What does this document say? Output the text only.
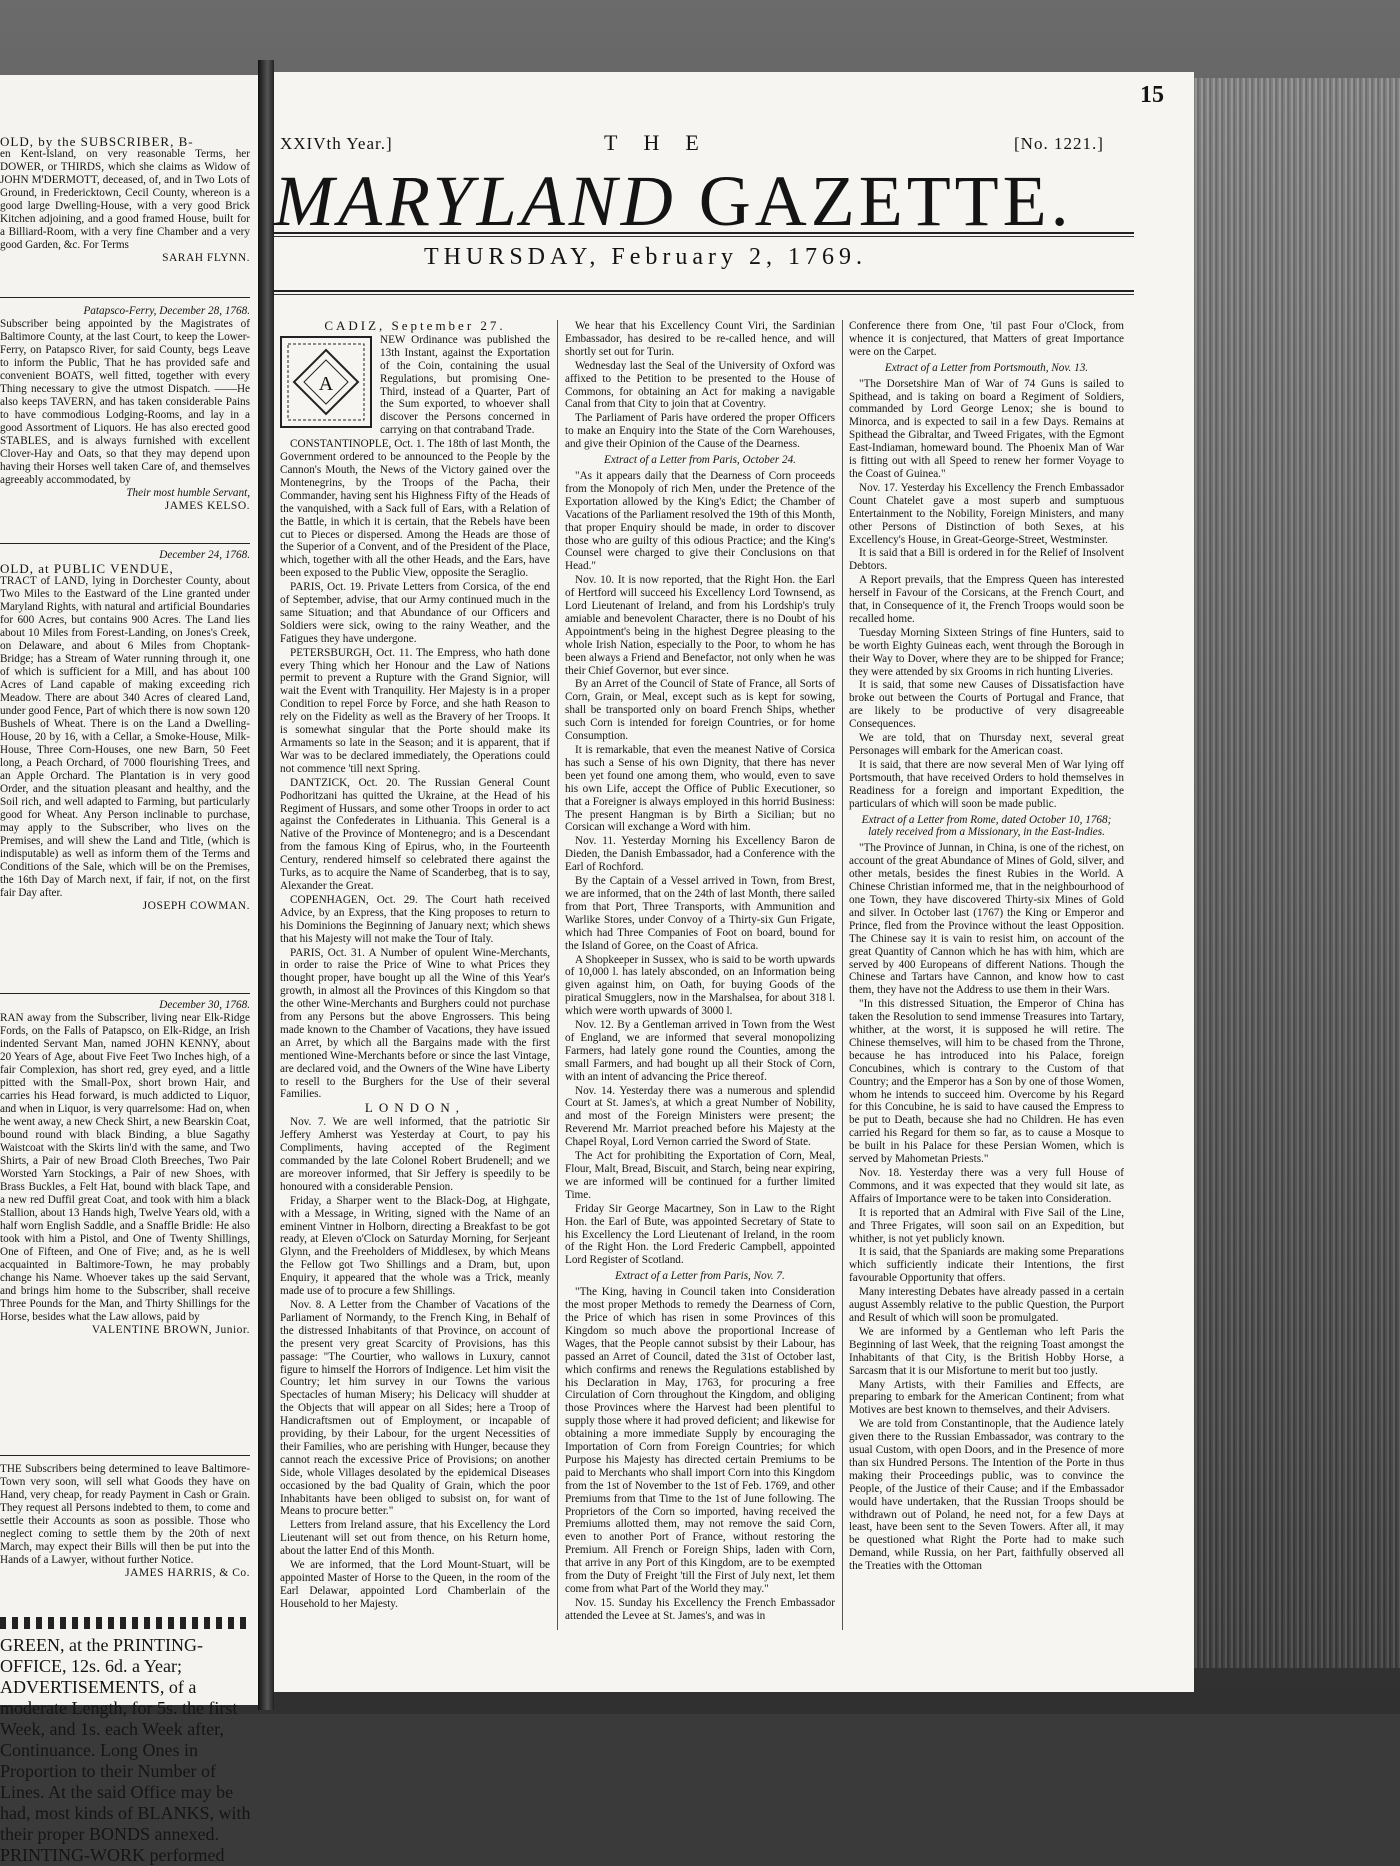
OLD, by the SUBSCRIBER, B-

en Kent-Island, on very reasonable Terms, her DOWER, or THIRDS, which she claims as Widow of JOHN M'DERMOTT, deceased, of, and in Two Lots of Ground, in Fredericktown, Cecil County, whereon is a good large Dwelling-House, with a very good Brick Kitchen adjoining, and a good framed House, built for a Billiard-Room, with a very fine Chamber and a very good Garden, &c. For Terms

SARAH FLYNN.

Patapsco-Ferry, December 28, 1768.

Subscriber being appointed by the Magistrates of Baltimore County, at the last Court, to keep the Lower-Ferry, on Patapsco River, for said County, begs Leave to inform the Public, That he has provided safe and convenient BOATS, well fitted, together with every Thing necessary to give the utmost Dispatch. ——He also keeps TAVERN, and has taken considerable Pains to have commodious Lodging-Rooms, and lay in a good Assortment of Liquors. He has also erected good STABLES, and is always furnished with excellent Clover-Hay and Oats, so that they may depend upon having their Horses well taken Care of, and themselves agreeably accommodated, by

Their most humble Servant,

JAMES KELSO.

December 24, 1768.

OLD, at PUBLIC VENDUE,

TRACT of LAND, lying in Dorchester County, about Two Miles to the Eastward of the Line granted under Maryland Rights, with natural and artificial Boundaries for 600 Acres, but contains 900 Acres. The Land lies about 10 Miles from Forest-Landing, on Jones's Creek, on Delaware, and about 6 Miles from Choptank-Bridge; has a Stream of Water running through it, one of which is sufficient for a Mill, and has about 100 Acres of Land capable of making exceeding rich Meadow. There are about 340 Acres of cleared Land, under good Fence, Part of which there is now sown 120 Bushels of Wheat. There is on the Land a Dwelling-House, 20 by 16, with a Cellar, a Smoke-House, Milk-House, Three Corn-Houses, one new Barn, 50 Feet long, a Peach Orchard, of 7000 flourishing Trees, and an Apple Orchard. The Plantation is in very good Order, and the situation pleasant and healthy, and the Soil rich, and well adapted to Farming, but particularly good for Wheat. Any Person inclinable to purchase, may apply to the Subscriber, who lives on the Premises, and will shew the Land and Title, (which is indisputable) as well as inform them of the Terms and Conditions of the Sale, which will be on the Premises, the 16th Day of March next, if fair, if not, on the first fair Day after.

JOSEPH COWMAN.

December 30, 1768.

RAN away from the Subscriber, living near Elk-Ridge Fords, on the Falls of Patapsco, on Elk-Ridge, an Irish indented Servant Man, named JOHN KENNY, about 20 Years of Age, about Five Feet Two Inches high, of a fair Complexion, has short red, grey eyed, and a little pitted with the Small-Pox, short brown Hair, and carries his Head forward, is much addicted to Liquor, and when in Liquor, is very quarrelsome: Had on, when he went away, a new Check Shirt, a new Bearskin Coat, bound round with black Binding, a blue Sagathy Waistcoat with the Skirts lin'd with the same, and Two Shirts, a Pair of new Broad Cloth Breeches, Two Pair Worsted Yarn Stockings, a Pair of new Shoes, with Brass Buckles, a Felt Hat, bound with black Tape, and a new red Duffil great Coat, and took with him a black Stallion, about 13 Hands high, Twelve Years old, with a half worn English Saddle, and a Snaffle Bridle: He also took with him a Pistol, and One of Twenty Shillings, One of Fifteen, and One of Five; and, as he is well acquainted in Baltimore-Town, he may probably change his Name. Whoever takes up the said Servant, and brings him home to the Subscriber, shall receive Three Pounds for the Man, and Thirty Shillings for the Horse, besides what the Law allows, paid by

VALENTINE BROWN, Junior.

THE Subscribers being determined to leave Baltimore-Town very soon, will sell what Goods they have on Hand, very cheap, for ready Payment in Cash or Grain. They request all Persons indebted to them, to come and settle their Accounts as soon as possible. Those who neglect coming to settle them by the 20th of next March, may expect their Bills will then be put into the Hands of a Lawyer, without further Notice.

JAMES HARRIS, & Co.

GREEN, at the PRINTING-OFFICE, 12s. 6d. a Year; ADVERTISEMENTS, of a moderate Length, for 5s. the first Week, and 1s. each Week after, Continuance. Long Ones in Proportion to their Number of Lines. At the said Office may be had, most kinds of BLANKS, with their proper BONDS annexed. PRINTING-WORK performed
XXIVth Year.]	THE	[No. 1221.]
MARYLAND GAZETTE.
THURSDAY, February 2, 1769.

CADIZ, September 27.

A

NEW Ordinance was published the 13th Instant, against the Exportation of the Coin, containing the usual Regulations, but promising One-Third, instead of a Quarter, Part of the Sum exported, to whoever shall discover the Persons concerned in carrying on that contraband Trade.

CONSTANTINOPLE, Oct. 1. The 18th of last Month, the Government ordered to be announced to the People by the Cannon's Mouth, the News of the Victory gained over the Montenegrins, by the Troops of the Pacha, their Commander, having sent his Highness Fifty of the Heads of the vanquished, with a Sack full of Ears, with a Relation of the Battle, in which it is certain, that the Rebels have been cut to Pieces or dispersed. Among the Heads are those of the Superior of a Convent, and of the President of the Place, which, together with all the other Heads, and the Ears, have been exposed to the Public View, opposite the Seraglio.

PARIS, Oct. 19. Private Letters from Corsica, of the end of September, advise, that our Army continued much in the same Situation; and that Abundance of our Officers and Soldiers were sick, owing to the rainy Weather, and the Fatigues they have undergone.

PETERSBURGH, Oct. 11. The Empress, who hath done every Thing which her Honour and the Law of Nations permit to prevent a Rupture with the Grand Signior, will wait the Event with Tranquility. Her Majesty is in a proper Condition to repel Force by Force, and she hath Reason to rely on the Fidelity as well as the Bravery of her Troops. It is somewhat singular that the Porte should make its Armaments so late in the Season; and it is apparent, that if War was to be declared immediately, the Operations could not commence 'till next Spring.

DANTZICK, Oct. 20. The Russian General Count Podhoritzani has quitted the Ukraine, at the Head of his Regiment of Hussars, and some other Troops in order to act against the Confederates in Lithuania. This General is a Native of the Province of Montenegro; and is a Descendant from the famous King of Epirus, who, in the Fourteenth Century, rendered himself so celebrated there against the Turks, as to acquire the Name of Scanderbeg, that is to say, Alexander the Great.

COPENHAGEN, Oct. 29. The Court hath received Advice, by an Express, that the King proposes to return to his Dominions the Beginning of January next; which shews that his Majesty will not make the Tour of Italy.

PARIS, Oct. 31. A Number of opulent Wine-Merchants, in order to raise the Price of Wine to what Prices they thought proper, have bought up all the Wine of this Year's growth, in almost all the Provinces of this Kingdom so that the other Wine-Merchants and Burghers could not purchase from any Persons but the above Engrossers. This being made known to the Chamber of Vacations, they have issued an Arret, by which all the Bargains made with the first mentioned Wine-Merchants before or since the last Vintage, are declared void, and the Owners of the Wine have Liberty to resell to the Burghers for the Use of their several Families.

LONDON,

Nov. 7. We are well informed, that the patriotic Sir Jeffery Amherst was Yesterday at Court, to pay his Compliments, having accepted of the Regiment commanded by the late Colonel Robert Brudenell; and we are moreover informed, that Sir Jeffery is speedily to be honoured with a considerable Pension.

Friday, a Sharper went to the Black-Dog, at Highgate, with a Message, in Writing, signed with the Name of an eminent Vintner in Holborn, directing a Breakfast to be got ready, at Eleven o'Clock on Saturday Morning, for Serjeant Glynn, and the Freeholders of Middlesex, by which Means the Fellow got Two Shillings and a Dram, but, upon Enquiry, it appeared that the whole was a Trick, meanly made use of to procure a few Shillings.

Nov. 8. A Letter from the Chamber of Vacations of the Parliament of Normandy, to the French King, in Behalf of the distressed Inhabitants of that Province, on account of the present very great Scarcity of Provisions, has this passage: "The Courtier, who wallows in Luxury, cannot figure to himself the Horrors of Indigence. Let him visit the Country; let him survey in our Towns the various Spectacles of human Misery; his Delicacy will shudder at the Objects that will appear on all Sides; here a Troop of Handicraftsmen out of Employment, or incapable of providing, by their Labour, for the urgent Necessities of their Families, who are perishing with Hunger, because they cannot reach the excessive Price of Provisions; on another Side, whole Villages desolated by the epidemical Diseases occasioned by the bad Quality of Grain, which the poor Inhabitants have been obliged to subsist on, for want of Means to procure better."

Letters from Ireland assure, that his Excellency the Lord Lieutenant will set out from thence, on his Return home, about the latter End of this Month.

We are informed, that the Lord Mount-Stuart, will be appointed Master of Horse to the Queen, in the room of the Earl Delawar, appointed Lord Chamberlain of the Household to her Majesty.

We hear that his Excellency Count Viri, the Sardinian Embassador, has desired to be re-called hence, and will shortly set out for Turin.

Wednesday last the Seal of the University of Oxford was affixed to the Petition to be presented to the House of Commons, for obtaining an Act for making a navigable Canal from that City to join that at Coventry.

The Parliament of Paris have ordered the proper Officers to make an Enquiry into the State of the Corn Warehouses, and give their Opinion of the Cause of the Dearness.

Extract of a Letter from Paris, October 24.

"As it appears daily that the Dearness of Corn proceeds from the Monopoly of rich Men, under the Pretence of the Exportation allowed by the King's Edict; the Chamber of Vacations of the Parliament resolved the 19th of this Month, that proper Enquiry should be made, in order to discover those who are guilty of this odious Practice; and the King's Counsel were charged to give their Conclusions on that Head."

Nov. 10. It is now reported, that the Right Hon. the Earl of Hertford will succeed his Excellency Lord Townsend, as Lord Lieutenant of Ireland, and from his Lordship's truly amiable and benevolent Character, there is no Doubt of his Appointment's being in the highest Degree pleasing to the whole Irish Nation, especially to the Poor, to whom he has been always a Friend and Benefactor, not only when he was their Chief Governor, but ever since.

By an Arret of the Council of State of France, all Sorts of Corn, Grain, or Meal, except such as is kept for sowing, shall be transported only on board French Ships, whether such Corn is intended for foreign Countries, or for home Consumption.

It is remarkable, that even the meanest Native of Corsica has such a Sense of his own Dignity, that there has never been yet found one among them, who would, even to save his own Life, accept the Office of Public Executioner, so that a Foreigner is always employed in this horrid Business: The present Hangman is by Birth a Sicilian; but no Corsican will exchange a Word with him.

Nov. 11. Yesterday Morning his Excellency Baron de Dieden, the Danish Embassador, had a Conference with the Earl of Rochford.

By the Captain of a Vessel arrived in Town, from Brest, we are informed, that on the 24th of last Month, there sailed from that Port, Three Transports, with Ammunition and Warlike Stores, under Convoy of a Thirty-six Gun Frigate, which had Three Companies of Foot on board, bound for the Island of Goree, on the Coast of Africa.

A Shopkeeper in Sussex, who is said to be worth upwards of 10,000 l. has lately absconded, on an Information being given against him, on Oath, for buying Goods of the piratical Smugglers, now in the Marshalsea, for about 318 l. which were worth upwards of 3000 l.

Nov. 12. By a Gentleman arrived in Town from the West of England, we are informed that several monopolizing Farmers, had lately gone round the Counties, among the small Farmers, and had bought up all their Stock of Corn, with an intent of advancing the Price thereof.

Nov. 14. Yesterday there was a numerous and splendid Court at St. James's, at which a great Number of Nobility, and most of the Foreign Ministers were present; the Reverend Mr. Marriot preached before his Majesty at the Chapel Royal, Lord Vernon carried the Sword of State.

The Act for prohibiting the Exportation of Corn, Meal, Flour, Malt, Bread, Biscuit, and Starch, being near expiring, we are informed will be continued for a further limited Time.

Friday Sir George Macartney, Son in Law to the Right Hon. the Earl of Bute, was appointed Secretary of State to his Excellency the Lord Lieutenant of Ireland, in the room of the Right Hon. the Lord Frederic Campbell, appointed Lord Register of Scotland.

Extract of a Letter from Paris, Nov. 7.

"The King, having in Council taken into Consideration the most proper Methods to remedy the Dearness of Corn, the Price of which has risen in some Provinces of this Kingdom so much above the proportional Increase of Wages, that the People cannot subsist by their Labour, has passed an Arret of Council, dated the 31st of October last, which confirms and renews the Regulations established by his Declaration in May, 1763, for procuring a free Circulation of Corn throughout the Kingdom, and obliging those Provinces where the Harvest had been plentiful to supply those where it had proved deficient; and likewise for obtaining a more immediate Supply by encouraging the Importation of Corn from Foreign Countries; for which Purpose his Majesty has directed certain Premiums to be paid to Merchants who shall import Corn into this Kingdom from the 1st of November to the 1st of Feb. 1769, and other Premiums from that Time to the 1st of June following. The Proprietors of the Corn so imported, having received the Premiums allotted them, may not remove the said Corn, even to another Port of France, without restoring the Premium. All French or Foreign Ships, laden with Corn, that arrive in any Port of this Kingdom, are to be exempted from the Duty of Freight 'till the First of July next, let them come from what Part of the World they may."

Nov. 15. Sunday his Excellency the French Embassador attended the Levee at St. James's, and was in

Conference there from One, 'til past Four o'Clock, from whence it is conjectured, that Matters of great Importance were on the Carpet.

Extract of a Letter from Portsmouth, Nov. 13.

"The Dorsetshire Man of War of 74 Guns is sailed to Spithead, and is taking on board a Regiment of Soldiers, commanded by Lord George Lenox; she is bound to Minorca, and is expected to sail in a few Days. Remains at Spithead the Gibraltar, and Tweed Frigates, with the Egmont East-Indiaman, homeward bound. The Phoenix Man of War is fitting out with all Speed to renew her former Voyage to the Coast of Guinea."

Nov. 17. Yesterday his Excellency the French Embassador Count Chatelet gave a most superb and sumptuous Entertainment to the Nobility, Foreign Ministers, and many other Persons of Distinction of both Sexes, at his Excellency's House, in Great-George-Street, Westminster.

It is said that a Bill is ordered in for the Relief of Insolvent Debtors.

A Report prevails, that the Empress Queen has interested herself in Favour of the Corsicans, at the French Court, and that, in Consequence of it, the French Troops would soon be recalled home.

Tuesday Morning Sixteen Strings of fine Hunters, said to be worth Eighty Guineas each, went through the Borough in their Way to Dover, where they are to be shipped for France; they were attended by six Grooms in rich hunting Liveries.

It is said, that some new Causes of Dissatisfaction have broke out between the Courts of Portugal and France, that are likely to be productive of very disagreeable Consequences.

We are told, that on Thursday next, several great Personages will embark for the American coast.

It is said, that there are now several Men of War lying off Portsmouth, that have received Orders to hold themselves in Readiness for a foreign and important Expedition, the particulars of which will soon be made public.

Extract of a Letter from Rome, dated October 10, 1768; lately received from a Missionary, in the East-Indies.

"The Province of Junnan, in China, is one of the richest, on account of the great Abundance of Mines of Gold, silver, and other metals, besides the finest Rubies in the World. A Chinese Christian informed me, that in the neighbourhood of one Town, they have discovered Thirty-six Mines of Gold and silver. In October last (1767) the King or Emperor and Prince, fled from the Province without the least Opposition. The Chinese say it is vain to resist him, on account of the great Quantity of Cannon which he has with him, which are served by 400 Europeans of different Nations. Though the Chinese and Tartars have Cannon, and know how to cast them, they have not the Address to use them in their Wars.

"In this distressed Situation, the Emperor of China has taken the Resolution to send immense Treasures into Tartary, whither, at the worst, it is supposed he will retire. The Chinese themselves, will him to be chased from the Throne, because he has introduced into his Palace, foreign Concubines, which is contrary to the Custom of that Country; and the Emperor has a Son by one of those Women, whom he intends to succeed him. Overcome by his Regard for this Concubine, he is said to have caused the Empress to be put to Death, because she had no Children. He has even carried his Regard for them so far, as to cause a Mosque to be built in his Palace for these Persian Women, which is served by Mahometan Priests."

Nov. 18. Yesterday there was a very full House of Commons, and it was expected that they would sit late, as Affairs of Importance were to be taken into Consideration.

It is reported that an Admiral with Five Sail of the Line, and Three Frigates, will soon sail on an Expedition, but whither, is not yet publicly known.

It is said, that the Spaniards are making some Preparations which sufficiently indicate their Intentions, the first favourable Opportunity that offers.

Many interesting Debates have already passed in a certain august Assembly relative to the public Question, the Purport and Result of which will soon be promulgated.

We are informed by a Gentleman who left Paris the Beginning of last Week, that the reigning Toast amongst the Inhabitants of that City, is the British Hobby Horse, a Sarcasm that it is our Misfortune to merit but too justly.

Many Artists, with their Families and Effects, are preparing to embark for the American Continent; from what Motives are best known to themselves, and their Advisers.

We are told from Constantinople, that the Audience lately given there to the Russian Embassador, was contrary to the usual Custom, with open Doors, and in the Presence of more than six Hundred Persons. The Intention of the Porte in thus making their Proceedings public, was to convince the People, of the Justice of their Cause; and if the Embassador would have undertaken, that the Russian Troops should be withdrawn out of Poland, he need not, for a few Days at least, have been sent to the Seven Towers. After all, it may be questioned what Right the Porte had to make such Demand, while Russia, on her Part, faithfully observed all the Treaties with the Ottoman

15
